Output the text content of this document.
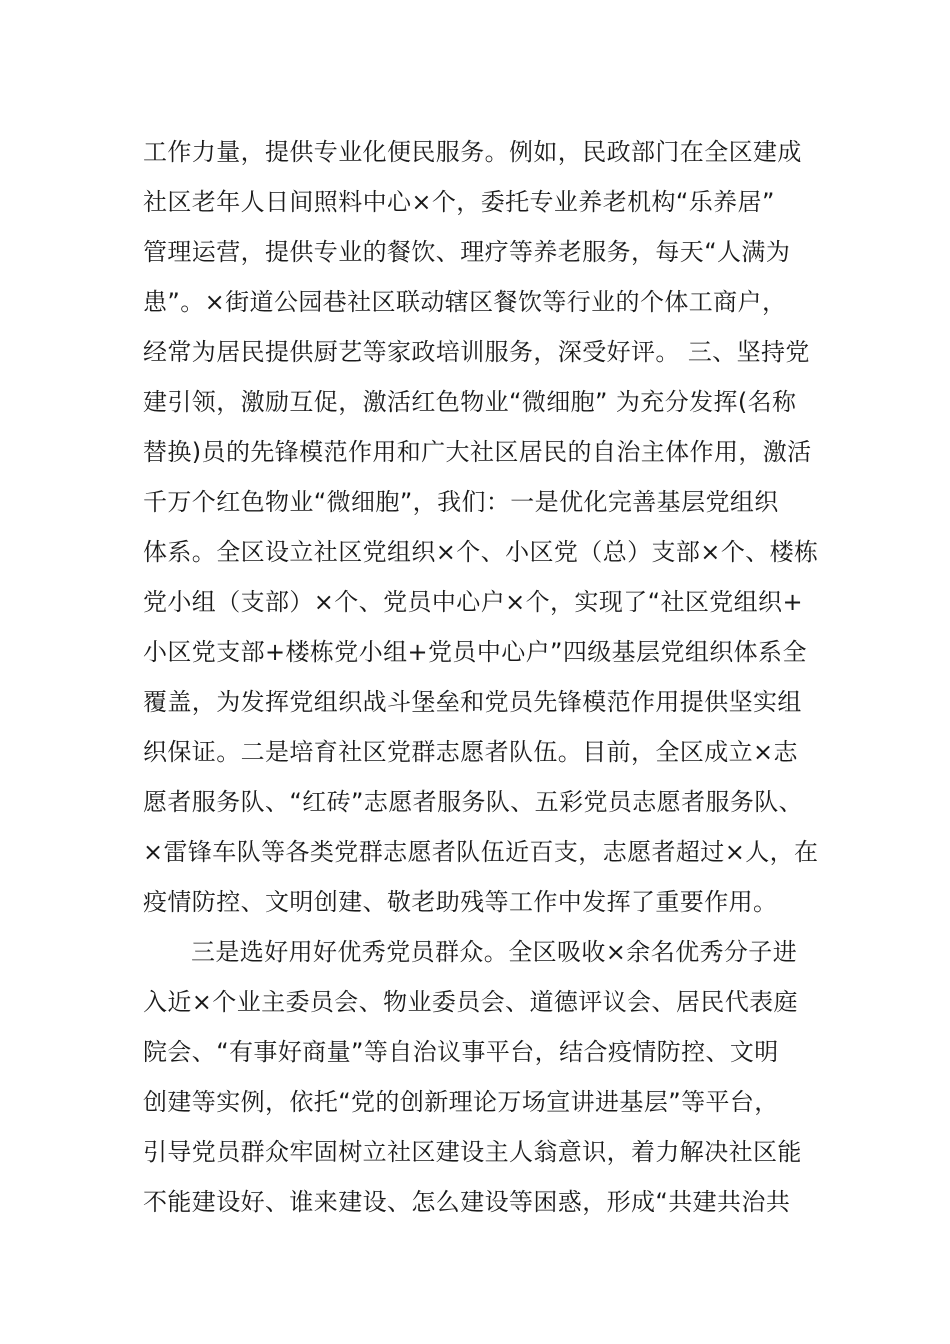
工作力量，提供专业化便民服务。例如，民政部门在全区建成
社区老年人日间照料中心×个，委托专业养老机构“乐养居”
管理运营，提供专业的餐饮、理疗等养老服务，每天“人满为
患”。×街道公园巷社区联动辖区餐饮等行业的个体工商户，
经常为居民提供厨艺等家政培训服务，深受好评。 三、坚持党
建引领，激励互促，激活红色物业“微细胞” 为充分发挥(名称
替换)员的先锋模范作用和广大社区居民的自治主体作用，激活
千万个红色物业“微细胞”，我们：一是优化完善基层党组织
体系。全区设立社区党组织×个、小区党（总）支部×个、楼栋
党小组（支部）×个、党员中心户×个，实现了“社区党组织+
小区党支部+楼栋党小组+党员中心户”四级基层党组织体系全
覆盖，为发挥党组织战斗堡垒和党员先锋模范作用提供坚实组
织保证。二是培育社区党群志愿者队伍。目前，全区成立×志
愿者服务队、“红砖”志愿者服务队、五彩党员志愿者服务队、
×雷锋车队等各类党群志愿者队伍近百支，志愿者超过×人，在
疫情防控、文明创建、敬老助残等工作中发挥了重要作用。
三是选好用好优秀党员群众。全区吸收×余名优秀分子进
入近×个业主委员会、物业委员会、道德评议会、居民代表庭
院会、“有事好商量”等自治议事平台，结合疫情防控、文明
创建等实例，依托“党的创新理论万场宣讲进基层”等平台，
引导党员群众牢固树立社区建设主人翁意识，着力解决社区能
不能建设好、谁来建设、怎么建设等困惑，形成“共建共治共
